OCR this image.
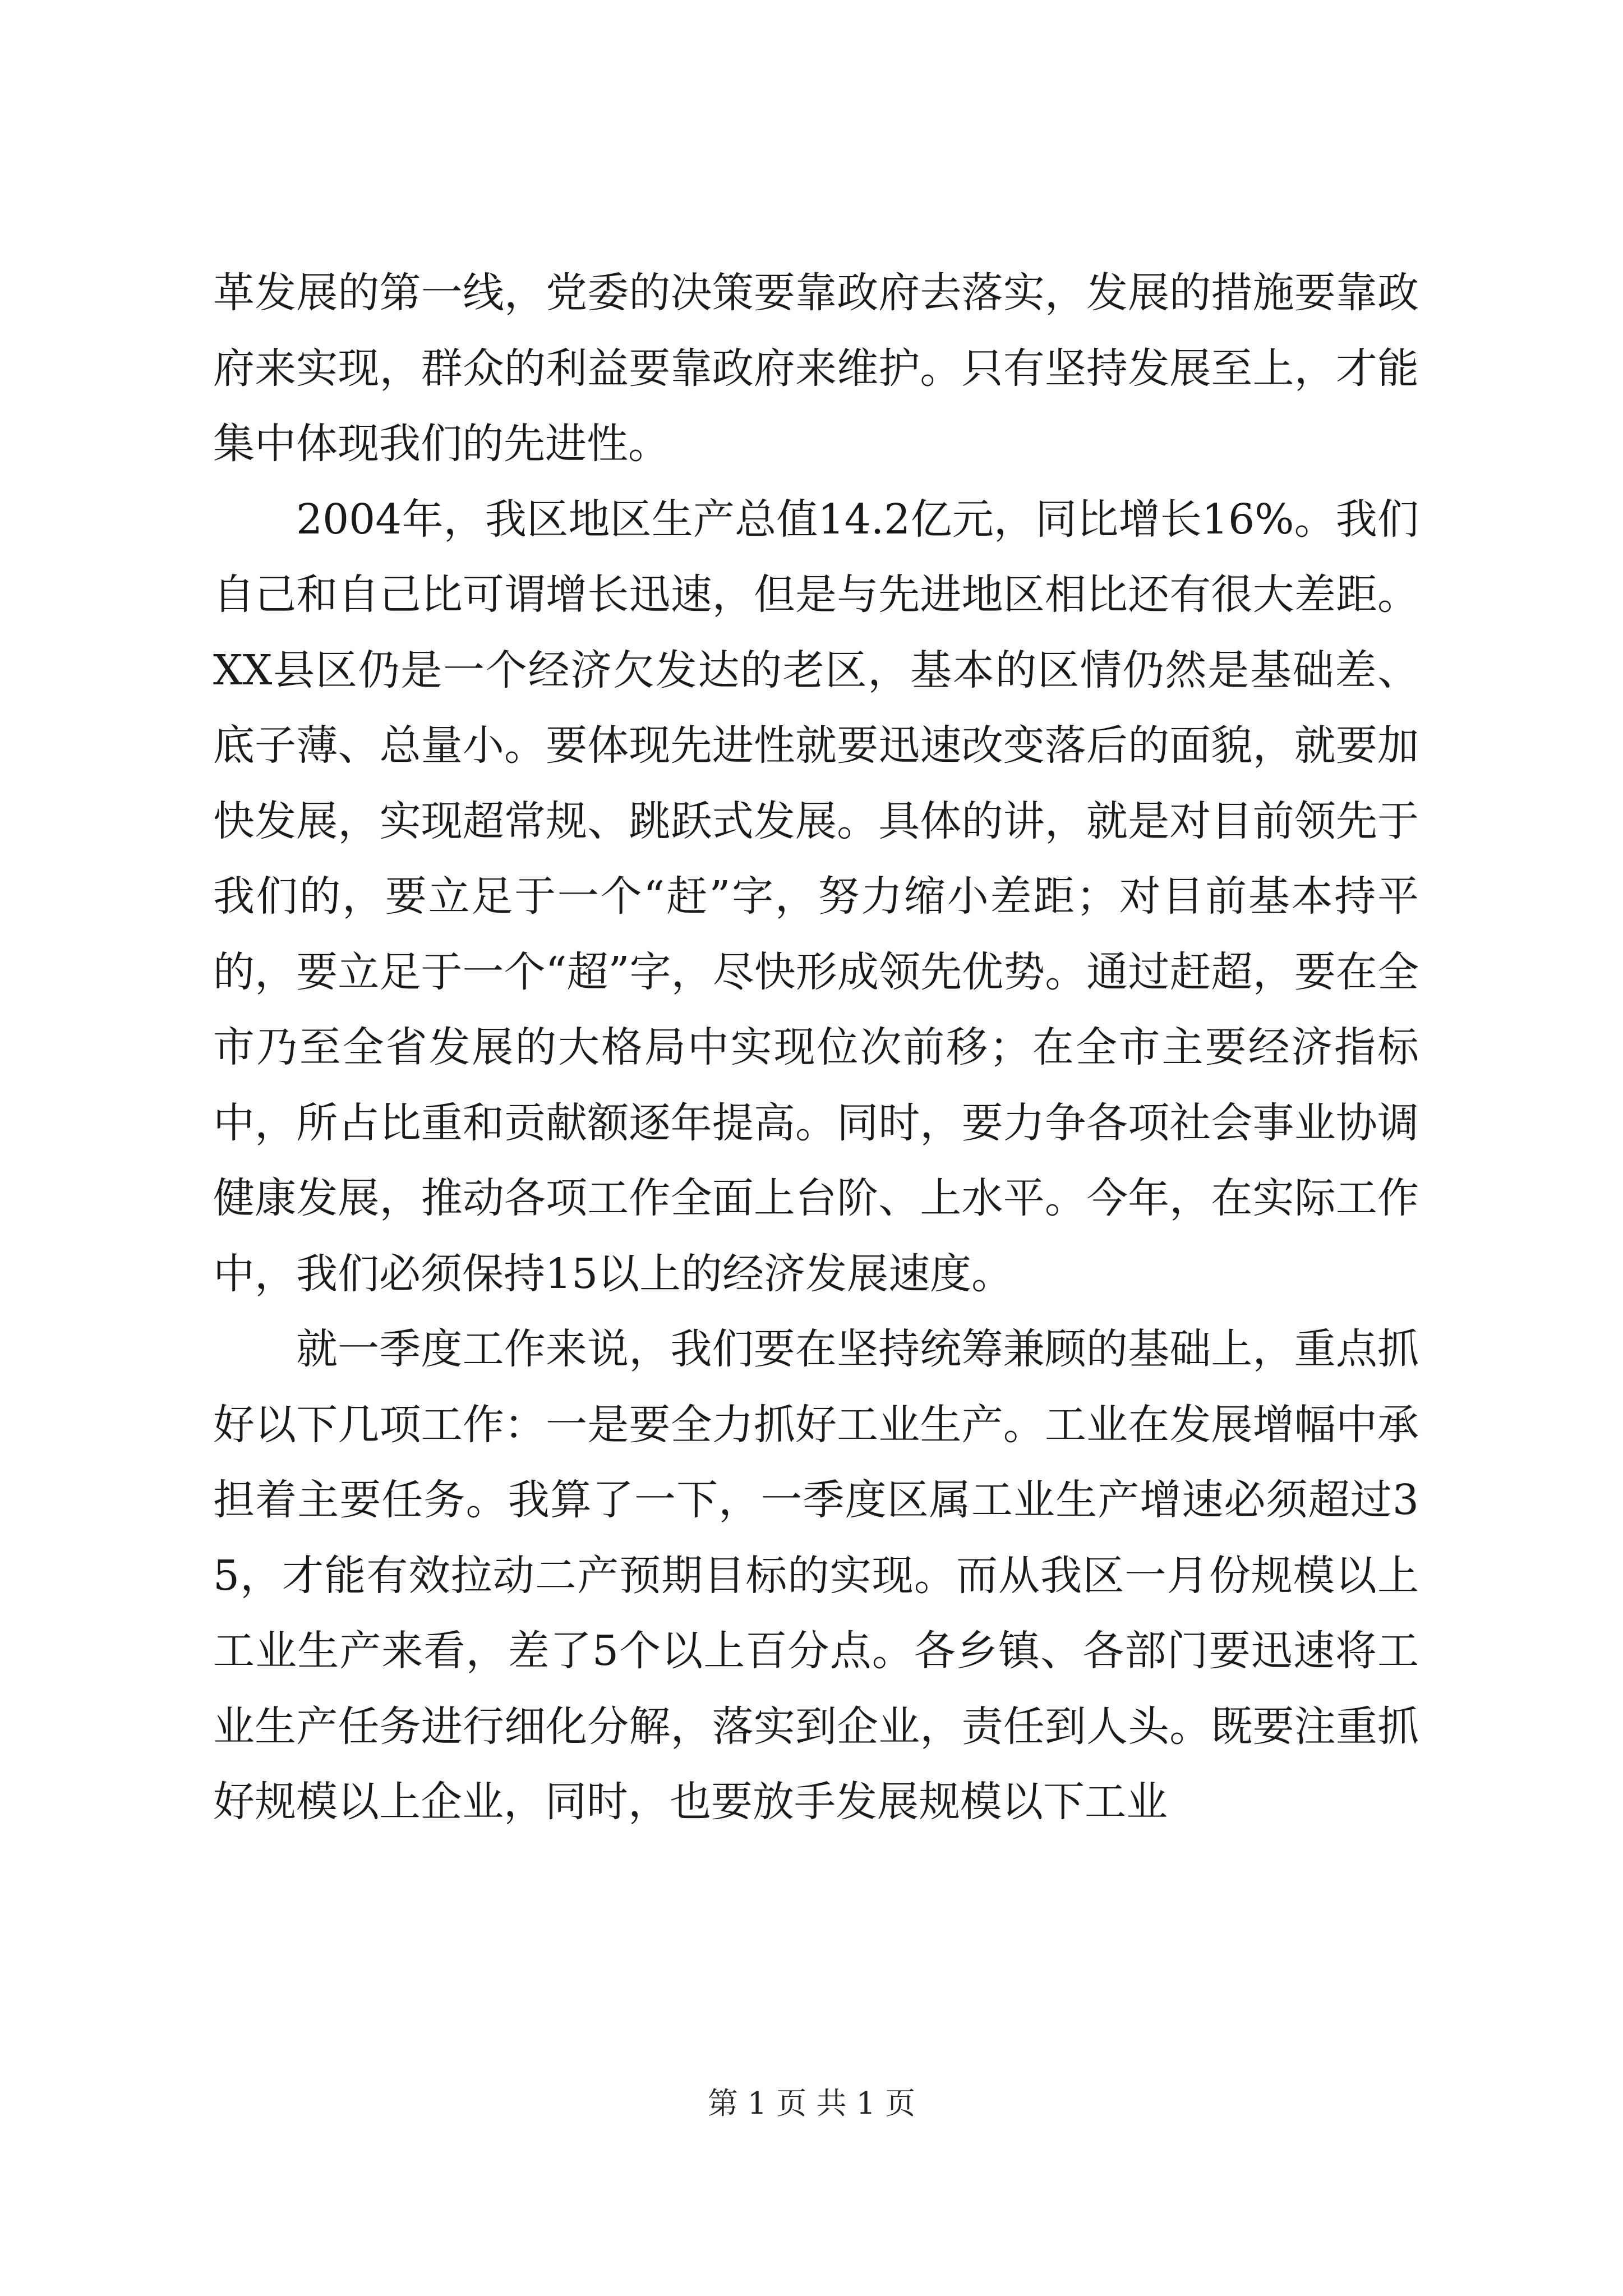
革发展的第一线，党委的决策要靠政府去落实，发展的措施要靠政府来实现，群众的利益要靠政府来维护。只有坚持发展至上，才能集中体现我们的先进性。

2004年，我区地区生产总值14.2亿元，同比增长16%。我们自己和自己比可谓增长迅速，但是与先进地区相比还有很大差距。XX县区仍是一个经济欠发达的老区，基本的区情仍然是基础差、底子薄、总量小。要体现先进性就要迅速改变落后的面貌，就要加快发展，实现超常规、跳跃式发展。具体的讲，就是对目前领先于我们的，要立足于一个“赶”字，努力缩小差距；对目前基本持平的，要立足于一个“超”字，尽快形成领先优势。通过赶超，要在全市乃至全省发展的大格局中实现位次前移；在全市主要经济指标中，所占比重和贡献额逐年提高。同时，要力争各项社会事业协调健康发展，推动各项工作全面上台阶、上水平。今年，在实际工作中，我们必须保持15以上的经济发展速度。

就一季度工作来说，我们要在坚持统筹兼顾的基础上，重点抓好以下几项工作：一是要全力抓好工业生产。工业在发展增幅中承担着主要任务。我算了一下，一季度区属工业生产增速必须超过35，才能有效拉动二产预期目标的实现。而从我区一月份规模以上工业生产来看，差了5个以上百分点。各乡镇、各部门要迅速将工业生产任务进行细化分解，落实到企业，责任到人头。既要注重抓好规模以上企业，同时，也要放手发展规模以下工业

第 1 页 共 1 页
